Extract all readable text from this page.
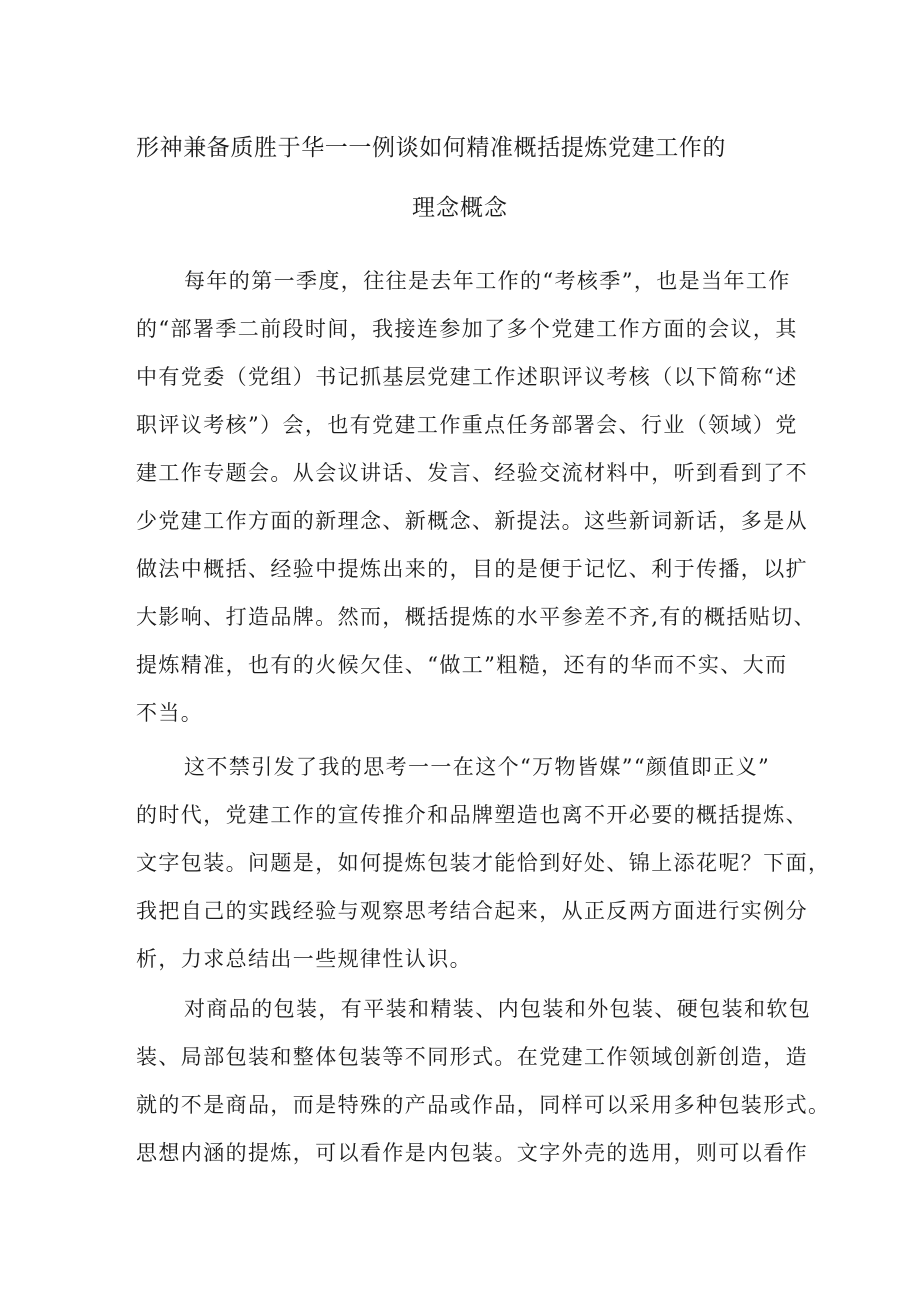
形神兼备质胜于华一一例谈如何精准概括提炼党建工作的
理念概念
每年的第一季度，往往是去年工作的“考核季”，也是当年工作
的“部署季二前段时间，我接连参加了多个党建工作方面的会议，其
中有党委（党组）书记抓基层党建工作述职评议考核（以下简称“述
职评议考核”）会，也有党建工作重点任务部署会、行业（领域）党
建工作专题会。从会议讲话、发言、经验交流材料中，听到看到了不
少党建工作方面的新理念、新概念、新提法。这些新词新话，多是从
做法中概括、经验中提炼出来的，目的是便于记忆、利于传播，以扩
大影响、打造品牌。然而，概括提炼的水平参差不齐,有的概括贴切、
提炼精准，也有的火候欠佳、“做工”粗糙，还有的华而不实、大而
不当。
这不禁引发了我的思考一一在这个“万物皆媒”“颜值即正义”
的时代，党建工作的宣传推介和品牌塑造也离不开必要的概括提炼、
文字包装。问题是，如何提炼包装才能恰到好处、锦上添花呢？下面，
我把自己的实践经验与观察思考结合起来，从正反两方面进行实例分
析，力求总结出一些规律性认识。
对商品的包装，有平装和精装、内包装和外包装、硬包装和软包
装、局部包装和整体包装等不同形式。在党建工作领域创新创造，造
就的不是商品，而是特殊的产品或作品，同样可以采用多种包装形式。
思想内涵的提炼，可以看作是内包装。文字外壳的选用，则可以看作
